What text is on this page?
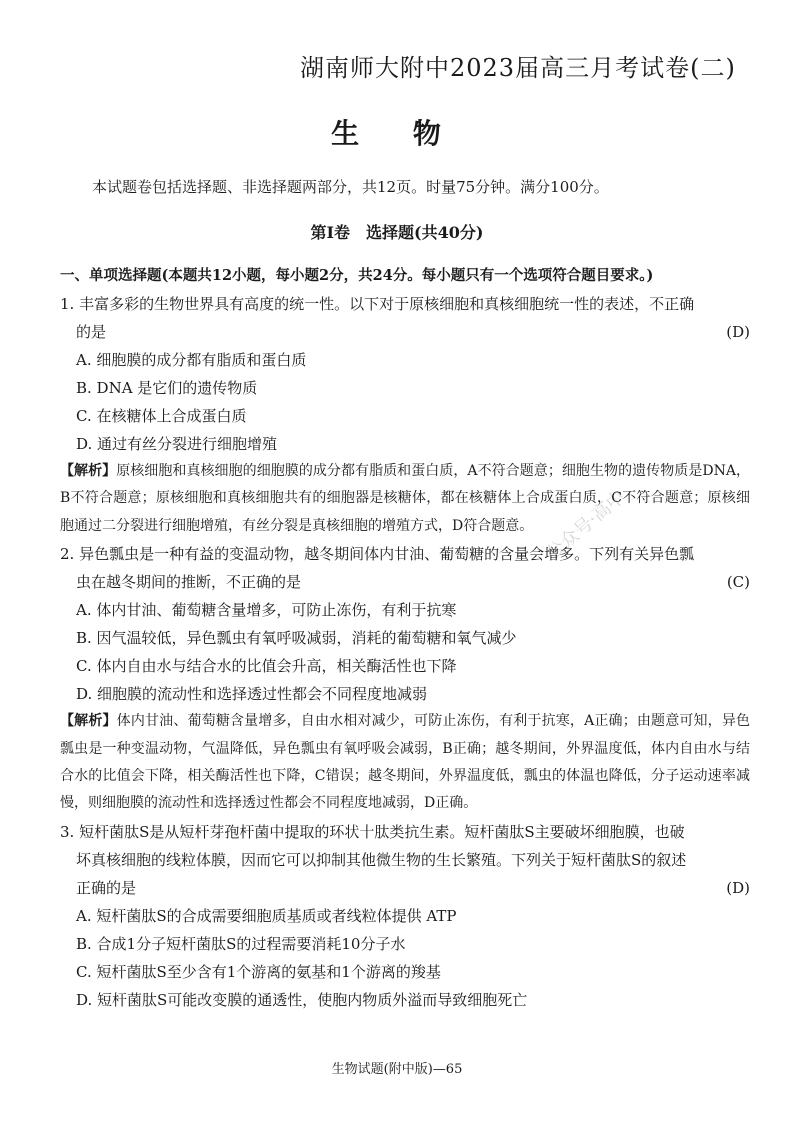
湖南师大附中2023届高三月考试卷(二)
生 物
本试题卷包括选择题、非选择题两部分，共12页。时量75分钟。满分100分。
第Ⅰ卷　选择题(共40分)
公众号·高中
一、单项选择题(本题共12小题，每小题2分，共24分。每小题只有一个选项符合题目要求。)
1. 丰富多彩的生物世界具有高度的统一性。以下对于原核细胞和真核细胞统一性的表述，不正确
的是	(D)
A. 细胞膜的成分都有脂质和蛋白质
B. DNA 是它们的遗传物质
C. 在核糖体上合成蛋白质
D. 通过有丝分裂进行细胞增殖
【解析】原核细胞和真核细胞的细胞膜的成分都有脂质和蛋白质，A不符合题意；细胞生物的遗传物质是DNA，B不符合题意；原核细胞和真核细胞共有的细胞器是核糖体，都在核糖体上合成蛋白质，C不符合题意；原核细胞通过二分裂进行细胞增殖，有丝分裂是真核细胞的增殖方式，D符合题意。
2. 异色瓢虫是一种有益的变温动物，越冬期间体内甘油、葡萄糖的含量会增多。下列有关异色瓢
虫在越冬期间的推断，不正确的是	(C)
A. 体内甘油、葡萄糖含量增多，可防止冻伤，有利于抗寒
B. 因气温较低，异色瓢虫有氧呼吸减弱，消耗的葡萄糖和氧气减少
C. 体内自由水与结合水的比值会升高，相关酶活性也下降
D. 细胞膜的流动性和选择透过性都会不同程度地减弱
【解析】体内甘油、葡萄糖含量增多，自由水相对减少，可防止冻伤，有利于抗寒，A正确；由题意可知，异色瓢虫是一种变温动物，气温降低，异色瓢虫有氧呼吸会减弱，B正确；越冬期间，外界温度低，体内自由水与结合水的比值会下降，相关酶活性也下降，C错误；越冬期间，外界温度低，瓢虫的体温也降低，分子运动速率减慢，则细胞膜的流动性和选择透过性都会不同程度地减弱，D正确。
3. 短杆菌肽S是从短杆芽孢杆菌中提取的环状十肽类抗生素。短杆菌肽S主要破坏细胞膜，也破
坏真核细胞的线粒体膜，因而它可以抑制其他微生物的生长繁殖。下列关于短杆菌肽S的叙述
正确的是	(D)
A. 短杆菌肽S的合成需要细胞质基质或者线粒体提供 ATP
B. 合成1分子短杆菌肽S的过程需要消耗10分子水
C. 短杆菌肽S至少含有1个游离的氨基和1个游离的羧基
D. 短杆菌肽S可能改变膜的通透性，使胞内物质外溢而导致细胞死亡
生物试题(附中版)—65
